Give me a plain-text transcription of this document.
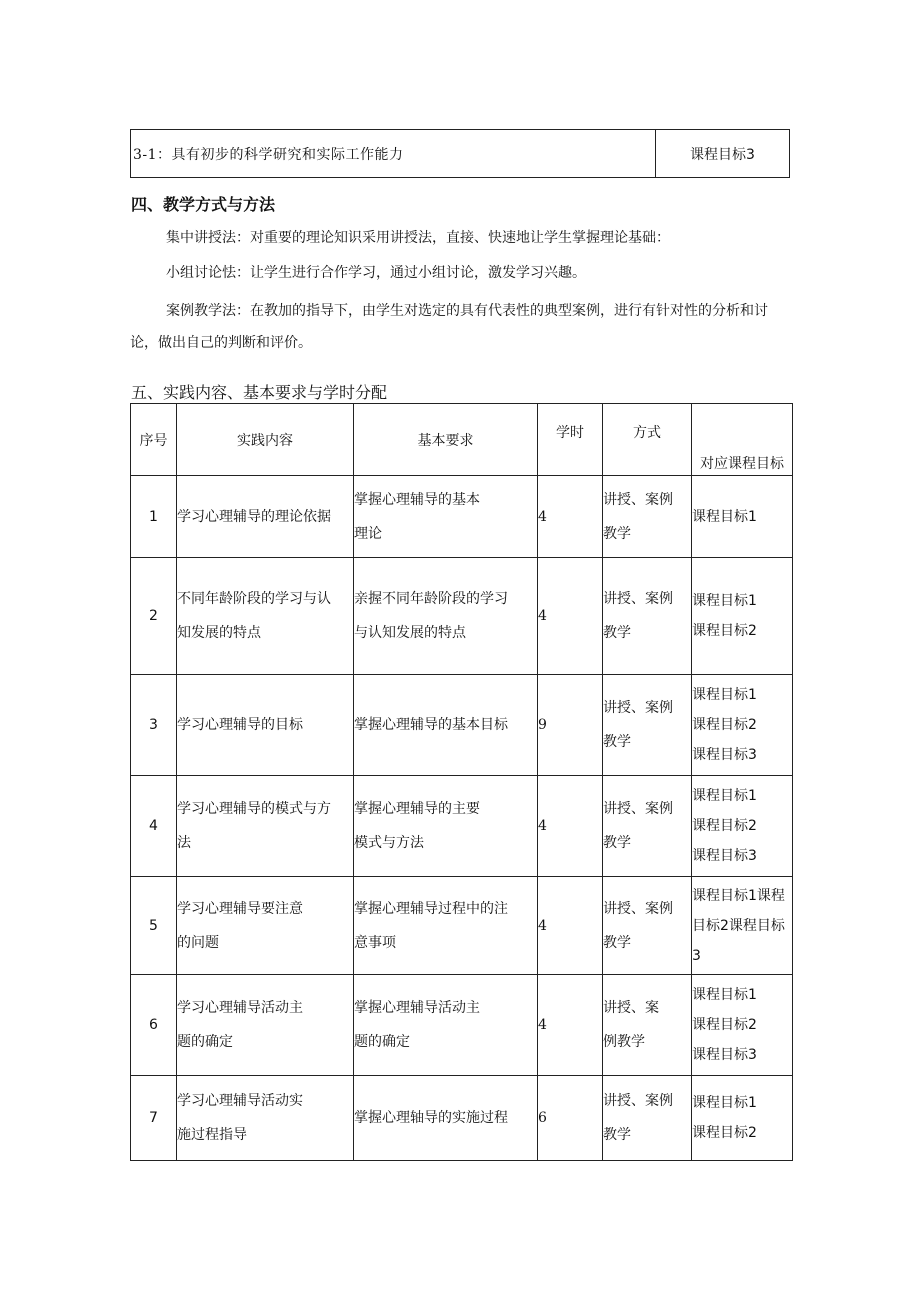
3-1：具有初步的科学研究和实际工作能力	课程目标3
四、教学方式与方法
集中讲授法：对重要的理论知识采用讲授法，直接、快速地让学生掌握理论基础：
小组讨论怯：让学生进行合作学习，通过小组讨论，激发学习兴趣。
案例教学法：在教加的指导下，由学生对选定的具有代表性的典型案例，进行有针对性的分析和讨论，做出自己的判断和评价。
五、实践内容、基本要求与学时分配
序号	实践内容	基本要求	学时	方式	对应课程目标
1	学习心理辅导的理论依据	掌握心理辅导的基本
理论	4	讲授、案例
教学	课程目标1

2	不同年龄阶段的学习与认
知发展的特点	亲握不同年龄阶段的学习
与认知发展的特点	4	讲授、案例
教学	课程目标1
课程目标2

3	学习心理辅导的目标	掌握心理辅导的基本目标	9	讲授、案例
教学	课程目标1
课程目标2
课程目标3

4	学习心理辅导的模式与方
法	掌握心理辅导的主要
模式与方法	4	讲授、案例
教学	课程目标1
课程目标2
课程目标3

5	学习心理辅导要注意
的问题	掌握心理辅导过程中的注
意事项	4	讲授、案例
教学	课程目标1课程
目标2课程目标
3

6	学习心理辅导活动主
题的确定	掌握心理辅导活动主
题的确定	4	讲授、案
例教学	课程目标1
课程目标2
课程目标3

7	学习心理辅导活动实
施过程指导	掌握心理轴导的实施过程	6	讲授、案例
教学	课程目标1
课程目标2
